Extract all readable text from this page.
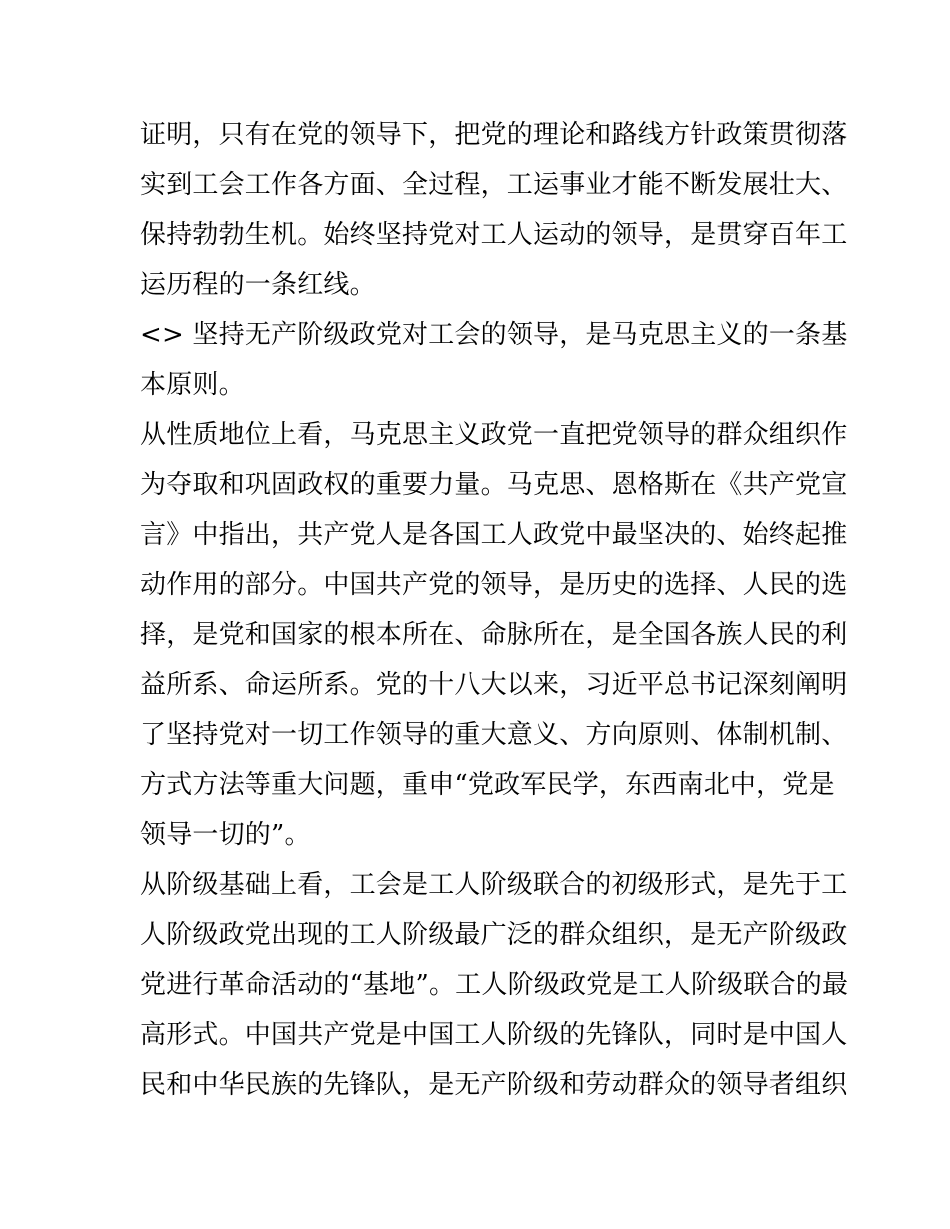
证明，只有在党的领导下，把党的理论和路线方针政策贯彻落
实到工会工作各方面、全过程，工运事业才能不断发展壮大、
保持勃勃生机。始终坚持党对工人运动的领导，是贯穿百年工
运历程的一条红线。
<> 坚持无产阶级政党对工会的领导，是马克思主义的一条基
本原则。
从性质地位上看，马克思主义政党一直把党领导的群众组织作
为夺取和巩固政权的重要力量。马克思、恩格斯在《共产党宣
言》中指出，共产党人是各国工人政党中最坚决的、始终起推
动作用的部分。中国共产党的领导，是历史的选择、人民的选
择，是党和国家的根本所在、命脉所在，是全国各族人民的利
益所系、命运所系。党的十八大以来，习近平总书记深刻阐明
了坚持党对一切工作领导的重大意义、方向原则、体制机制、
方式方法等重大问题，重申“党政军民学，东西南北中，党是
领导一切的”。
从阶级基础上看，工会是工人阶级联合的初级形式，是先于工
人阶级政党出现的工人阶级最广泛的群众组织，是无产阶级政
党进行革命活动的“基地”。工人阶级政党是工人阶级联合的最
高形式。中国共产党是中国工人阶级的先锋队，同时是中国人
民和中华民族的先锋队，是无产阶级和劳动群众的领导者组织
